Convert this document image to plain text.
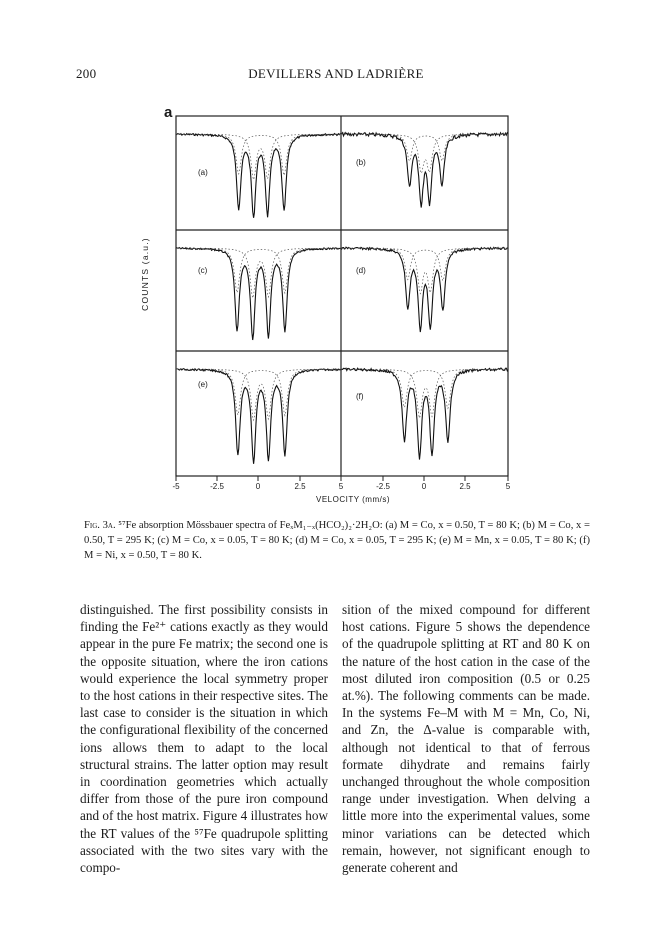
200	DEVILLERS AND LADRIÈRE
a
COUNTS (a.u.)
(a)
(b)
(c)	(d)
(e)
(f)
-5	-2.5	0	2.5	5	-2.5	0	2.5	5
VELOCITY (mm/s)
Fig. 3a. ⁵⁷Fe absorption Mössbauer spectra of FeₓM₁₋ₓ(HCO₂)₂·2H₂O: (a) M = Co, x = 0.50, T = 80 K; (b) M = Co, x = 0.50, T = 295 K; (c) M = Co, x = 0.05, T = 80 K; (d) M = Co, x = 0.05, T = 295 K; (e) M = Mn, x = 0.05, T = 80 K; (f) M = Ni, x = 0.50, T = 80 K.
distinguished. The first possibility consists in finding the Fe²⁺ cations exactly as they would appear in the pure Fe matrix; the second one is the opposite situation, where the iron cations would experience the local symmetry proper to the host cations in their respective sites. The last case to consider is the situation in which the configurational flexibility of the concerned ions allows them to adapt to the local structural strains. The latter option may result in coordination geometries which actually differ from those of the pure iron compound and of the host matrix. Figure 4 illustrates how the RT values of the ⁵⁷Fe quadrupole splitting associated with the two sites vary with the compo-
sition of the mixed compound for different host cations. Figure 5 shows the dependence of the quadrupole splitting at RT and 80 K on the nature of the host cation in the case of the most diluted iron composition (0.5 or 0.25 at.%). The following comments can be made. In the systems Fe–M with M = Mn, Co, Ni, and Zn, the Δ-value is comparable with, although not identical to that of ferrous formate dihydrate and remains fairly unchanged throughout the whole composition range under investigation. When delving a little more into the experimental values, some minor variations can be detected which remain, however, not significant enough to generate coherent and
